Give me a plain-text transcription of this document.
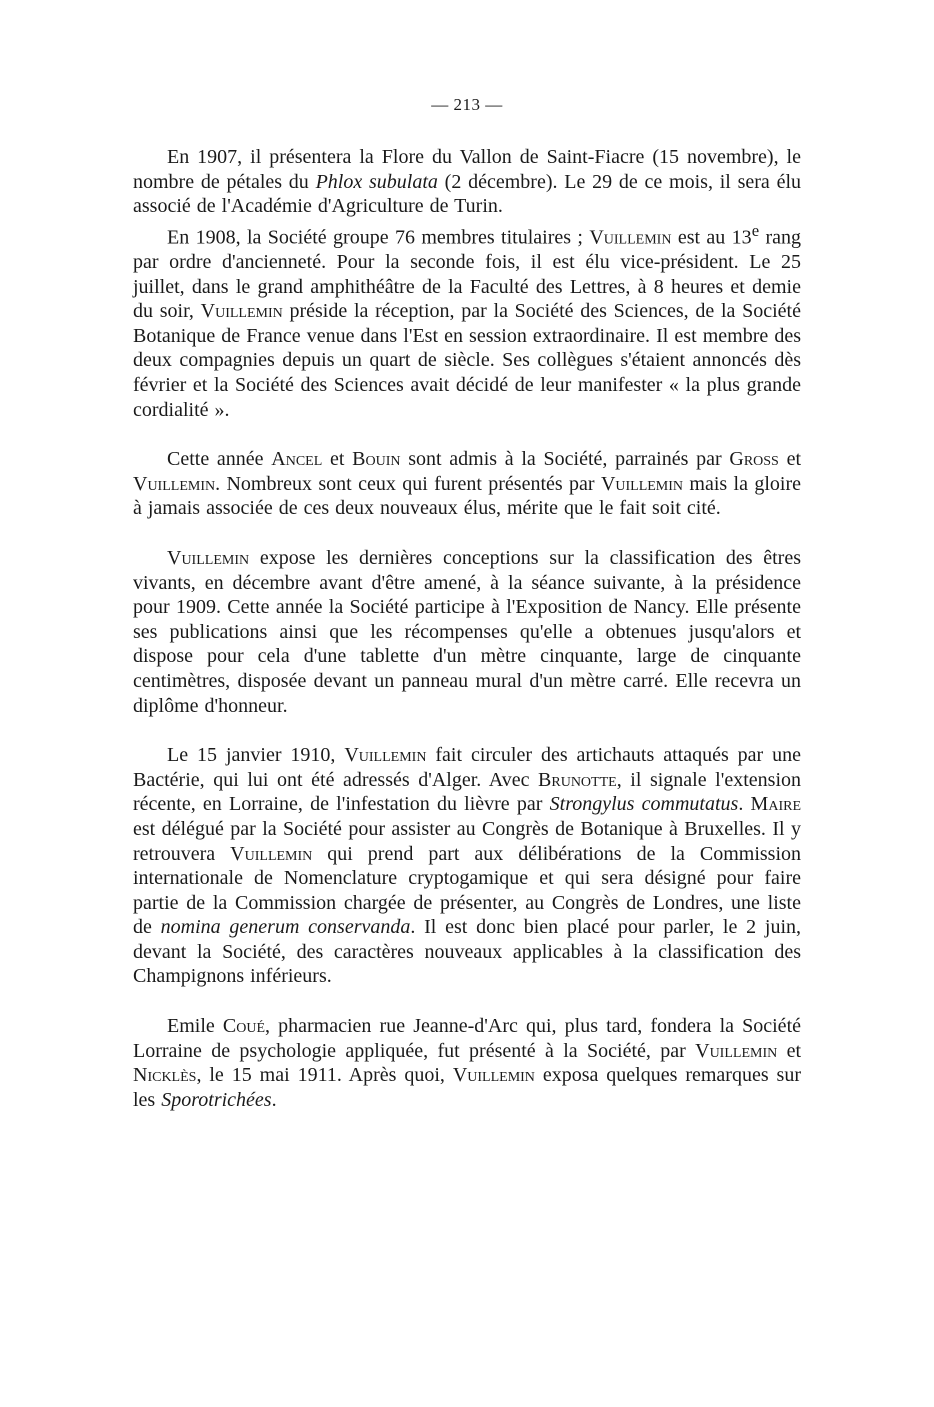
— 213 —

En 1907, il présentera la Flore du Vallon de Saint-Fiacre (15 novembre), le nombre de pétales du Phlox subulata (2 décembre). Le 29 de ce mois, il sera élu associé de l'Académie d'Agriculture de Turin.

En 1908, la Société groupe 76 membres titulaires ; Vuillemin est au 13e rang par ordre d'ancienneté. Pour la seconde fois, il est élu vice-président. Le 25 juillet, dans le grand amphithéâtre de la Faculté des Lettres, à 8 heures et demie du soir, Vuillemin préside la réception, par la Société des Sciences, de la Société Botanique de France venue dans l'Est en session extraordinaire. Il est membre des deux compagnies depuis un quart de siècle. Ses collègues s'étaient annoncés dès février et la Société des Sciences avait décidé de leur manifester « la plus grande cordialité ».

Cette année Ancel et Bouin sont admis à la Société, parrainés par Gross et Vuillemin. Nombreux sont ceux qui furent présentés par Vuillemin mais la gloire à jamais associée de ces deux nouveaux élus, mérite que le fait soit cité.

Vuillemin expose les dernières conceptions sur la classification des êtres vivants, en décembre avant d'être amené, à la séance suivante, à la présidence pour 1909. Cette année la Société participe à l'Exposition de Nancy. Elle présente ses publications ainsi que les récompenses qu'elle a obtenues jusqu'alors et dispose pour cela d'une tablette d'un mètre cinquante, large de cinquante centimètres, disposée devant un panneau mural d'un mètre carré. Elle recevra un diplôme d'honneur.

Le 15 janvier 1910, Vuillemin fait circuler des artichauts attaqués par une Bactérie, qui lui ont été adressés d'Alger. Avec Brunotte, il signale l'extension récente, en Lorraine, de l'infestation du lièvre par Strongylus commutatus. Maire est délégué par la Société pour assister au Congrès de Botanique à Bruxelles. Il y retrouvera Vuillemin qui prend part aux délibérations de la Commission internationale de Nomenclature cryptogamique et qui sera désigné pour faire partie de la Commission chargée de présenter, au Congrès de Londres, une liste de nomina generum conservanda. Il est donc bien placé pour parler, le 2 juin, devant la Société, des caractères nouveaux applicables à la classification des Champignons inférieurs.

Emile Coué, pharmacien rue Jeanne-d'Arc qui, plus tard, fondera la Société Lorraine de psychologie appliquée, fut présenté à la Société, par Vuillemin et Nicklès, le 15 mai 1911. Après quoi, Vuillemin exposa quelques remarques sur les Sporotrichées.
